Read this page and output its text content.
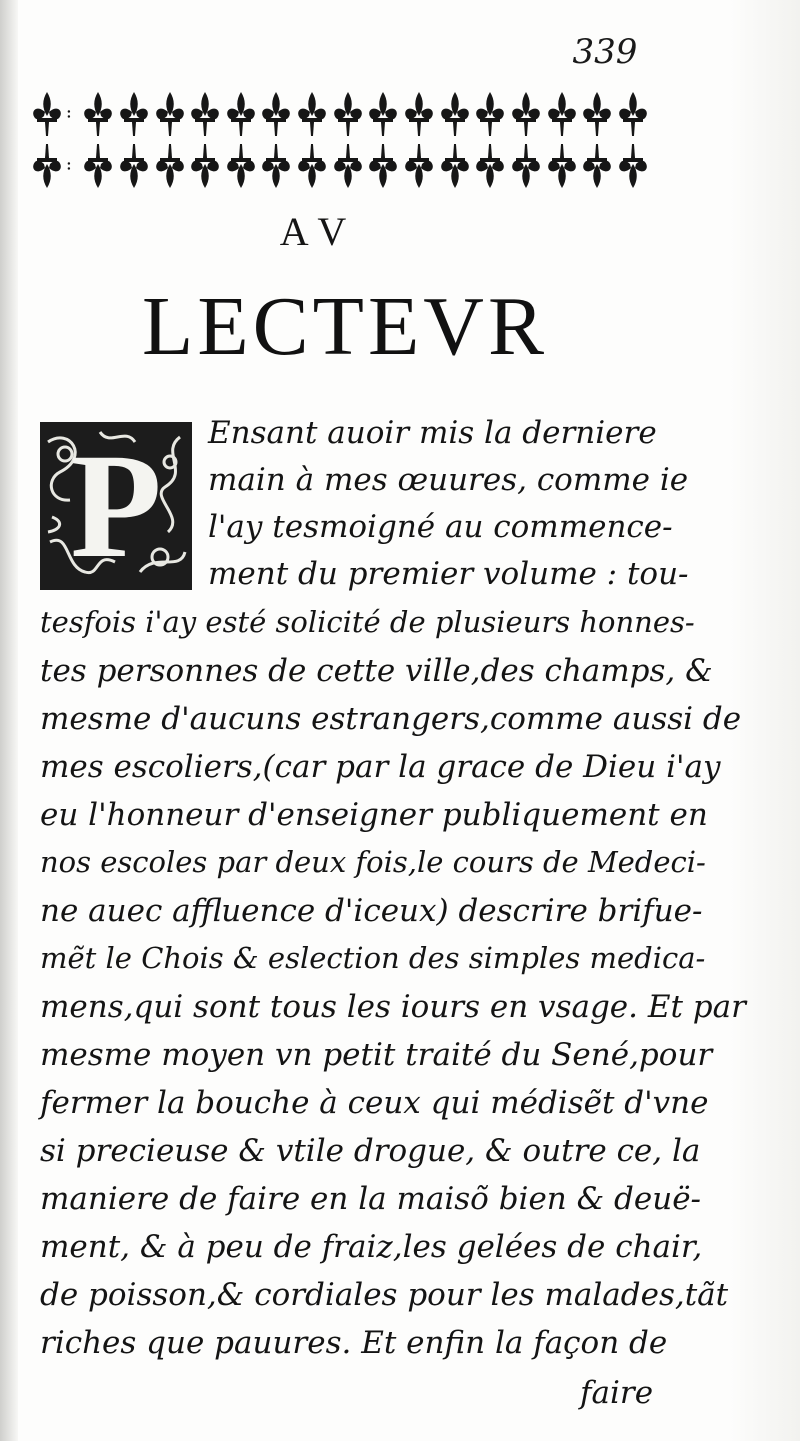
339
AV
LECTEVR
P	Ensant auoir mis la derniere
main à mes œuures, comme ie
l'ay tesmoigné au commence-
ment du premier volume : tou-
tesfois i'ay esté solicité de plusieurs honnes-
tes personnes de cette ville,des champs, &
mesme d'aucuns estrangers,comme aussi de
mes escoliers,(car par la grace de Dieu i'ay
eu l'honneur d'enseigner publiquement en
nos escoles par deux fois,le cours de Medeci-
ne auec affluence d'iceux) descrire brifue-
mẽt le Chois & eslection des simples medica-
mens,qui sont tous les iours en vsage. Et par
mesme moyen vn petit traité du Sené,pour
fermer la bouche à ceux qui médisẽt d'vne
si precieuse & vtile drogue, & outre ce, la
maniere de faire en la maisõ bien & deuë-
ment, & à peu de fraiz,les gelées de chair,
de poisson,& cordiales pour les malades,tãt
riches que pauures. Et enfin la façon de
faire
